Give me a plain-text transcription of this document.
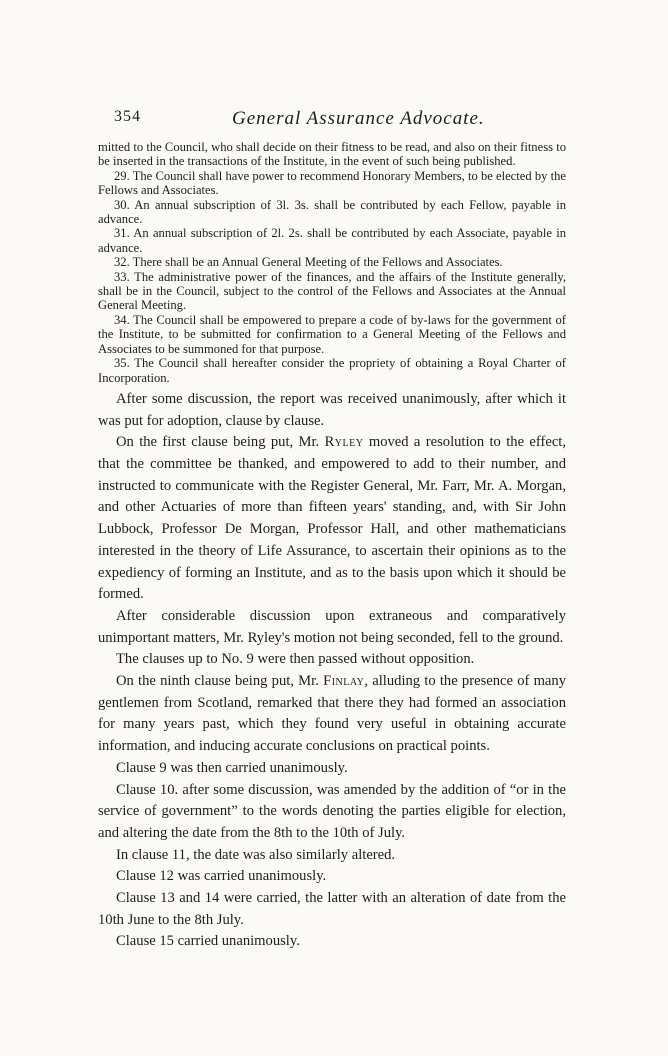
354	General Assurance Advocate.

mitted to the Council, who shall decide on their fitness to be read, and also on their fitness to be inserted in the transactions of the Institute, in the event of such being published.

29. The Council shall have power to recommend Honorary Members, to be elected by the Fellows and Associates.

30. An annual subscription of 3l. 3s. shall be contributed by each Fellow, payable in advance.

31. An annual subscription of 2l. 2s. shall be contributed by each Associate, payable in advance.

32. There shall be an Annual General Meeting of the Fellows and Associates.

33. The administrative power of the finances, and the affairs of the Institute generally, shall be in the Council, subject to the control of the Fellows and Associates at the Annual General Meeting.

34. The Council shall be empowered to prepare a code of by-laws for the government of the Institute, to be submitted for confirmation to a General Meeting of the Fellows and Associates to be summoned for that purpose.

35. The Council shall hereafter consider the propriety of obtaining a Royal Charter of Incorporation.

After some discussion, the report was received unanimously, after which it was put for adoption, clause by clause.

On the first clause being put, Mr. Ryley moved a resolution to the effect, that the committee be thanked, and empowered to add to their number, and instructed to communicate with the Register General, Mr. Farr, Mr. A. Morgan, and other Actuaries of more than fifteen years' standing, and, with Sir John Lubbock, Professor De Morgan, Professor Hall, and other mathematicians interested in the theory of Life Assurance, to ascertain their opinions as to the expediency of forming an Institute, and as to the basis upon which it should be formed.

After considerable discussion upon extraneous and comparatively unimportant matters, Mr. Ryley's motion not being seconded, fell to the ground.

The clauses up to No. 9 were then passed without opposition.

On the ninth clause being put, Mr. Finlay, alluding to the presence of many gentlemen from Scotland, remarked that there they had formed an association for many years past, which they found very useful in obtaining accurate information, and inducing accurate conclusions on practical points.

Clause 9 was then carried unanimously.

Clause 10. after some discussion, was amended by the addition of “or in the service of government” to the words denoting the parties eligible for election, and altering the date from the 8th to the 10th of July.

In clause 11, the date was also similarly altered.

Clause 12 was carried unanimously.

Clause 13 and 14 were carried, the latter with an alteration of date from the 10th June to the 8th July.

Clause 15 carried unanimously.
